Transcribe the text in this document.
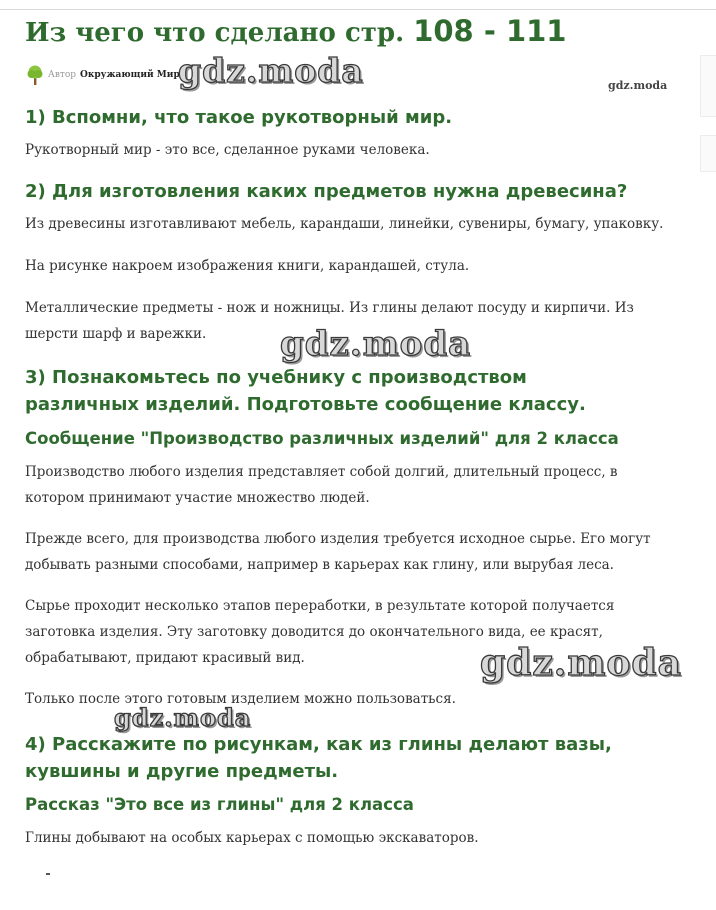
Из чего что сделано стр. 108 - 111
Автор Окружающий Мир
gdz.moda	gdz.moda
1) Вспомни, что такое рукотворный мир.

Рукотворный мир - это все, сделанное руками человека.

2) Для изготовления каких предметов нужна древесина?

Из древесины изготавливают мебель, карандаши, линейки, сувениры, бумагу, упаковку.

На рисунке накроем изображения книги, карандашей, стула.

Металлические предметы - нож и ножницы. Из глины делают посуду и кирпичи. Из шерсти шарф и варежки.	gdz.moda
3) Познакомьтесь по учебнику с производством различных изделий. Подготовьте сообщение классу.
Сообщение "Производство различных изделий" для 2 класса

Производство любого изделия представляет собой долгий, длительный процесс, в котором принимают участие множество людей.

Прежде всего, для производства любого изделия требуется исходное сырье. Его могут добывать разными способами, например в карьерах как глину, или вырубая леса.

Сырье проходит несколько этапов переработки, в результате которой получается заготовка изделия. Эту заготовку доводится до окончательного вида, ее красят, обрабатывают, придают красивый вид.	gdz.moda

Только после этого готовым изделием можно пользоваться.

gdz.moda
4) Расскажите по рисункам, как из глины делают вазы, кувшины и другие предметы.
Рассказ "Это все из глины" для 2 класса

Глины добывают на особых карьерах с помощью экскаваторов.
